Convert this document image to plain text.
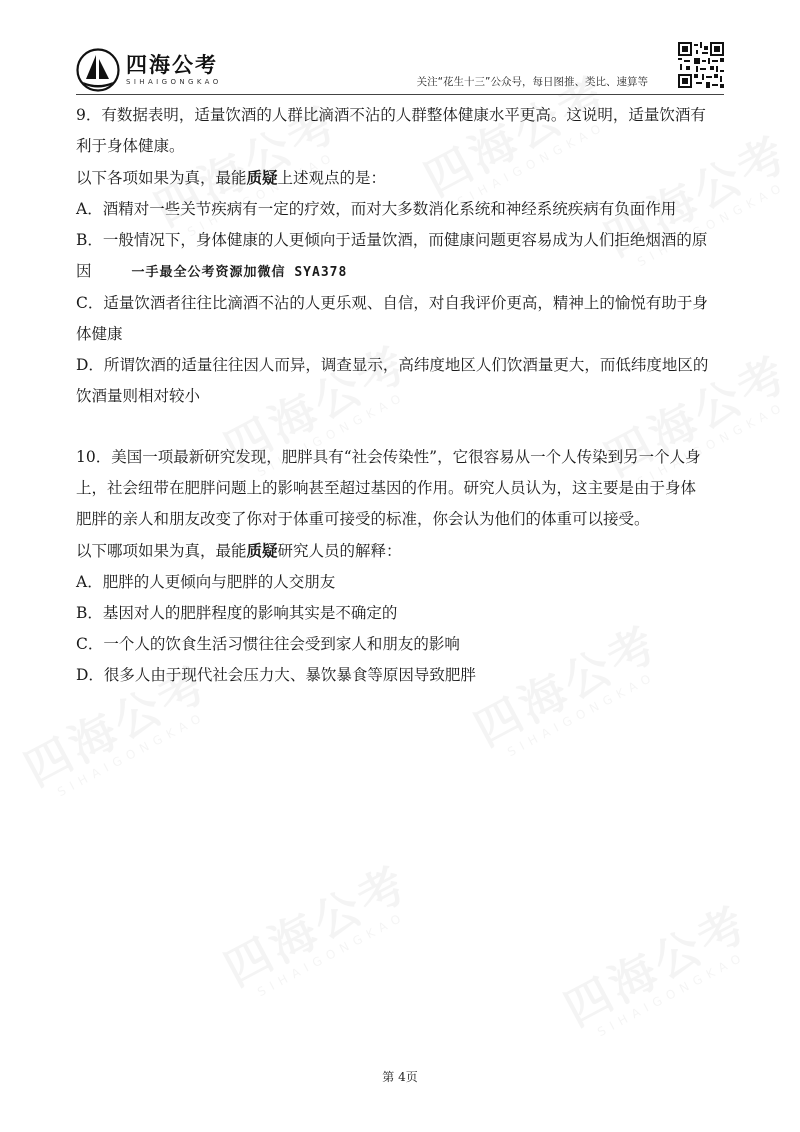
四海公考
SIHAIGONGKAO	关注“花生十三”公众号，每日图推、类比、速算等

9．有数据表明，适量饮酒的人群比滴酒不沾的人群整体健康水平更高。这说明，适量饮酒有

利于身体健康。

以下各项如果为真，最能质疑上述观点的是：

A．酒精对一些关节疾病有一定的疗效，而对大多数消化系统和神经系统疾病有负面作用

B．一般情况下，身体健康的人更倾向于适量饮酒，而健康问题更容易成为人们拒绝烟酒的原

因	一手最全公考资源加微信 SYA378

C．适量饮酒者往往比滴酒不沾的人更乐观、自信，对自我评价更高，精神上的愉悦有助于身

体健康

D．所谓饮酒的适量往往因人而异，调查显示，高纬度地区人们饮酒量更大，而低纬度地区的

饮酒量则相对较小

10．美国一项最新研究发现，肥胖具有“社会传染性”，它很容易从一个人传染到另一个人身

上，社会纽带在肥胖问题上的影响甚至超过基因的作用。研究人员认为，这主要是由于身体

肥胖的亲人和朋友改变了你对于体重可接受的标准，你会认为他们的体重可以接受。

以下哪项如果为真，最能质疑研究人员的解释：

A．肥胖的人更倾向与肥胖的人交朋友

B．基因对人的肥胖程度的影响其实是不确定的

C．一个人的饮食生活习惯往往会受到家人和朋友的影响

D．很多人由于现代社会压力大、暴饮暴食等原因导致肥胖

第 4页
